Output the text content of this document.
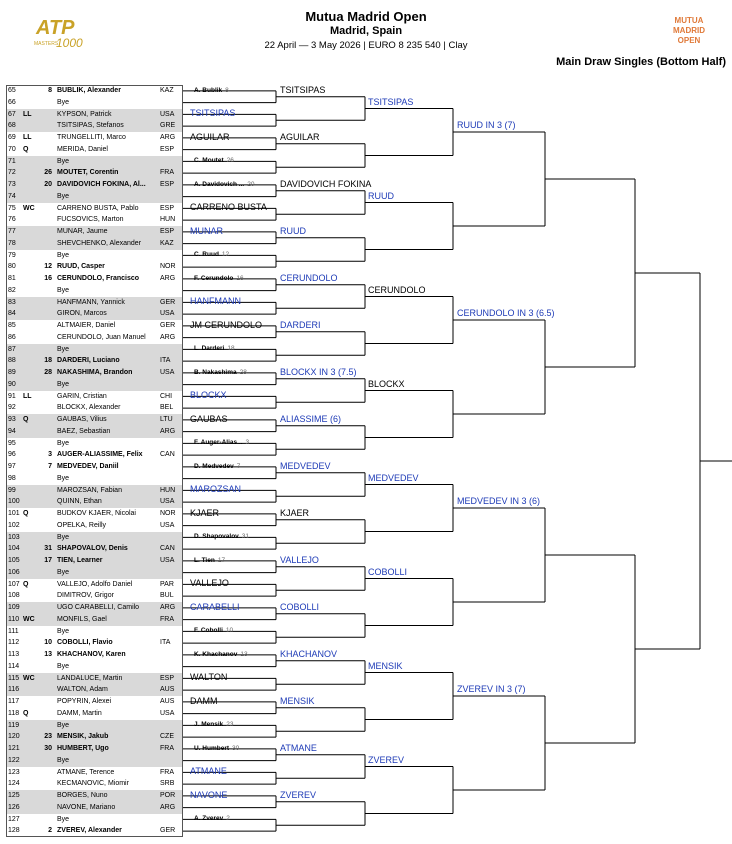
ATP
MASTERS
1000
Mutua Madrid Open
Madrid, Spain
22 April — 3 May 2026 | EURO 8 235 540 | Clay
MUTUA
MADRID
OPEN
Main Draw Singles (Bottom Half)
65	8 BUBLIK, Alexander	KAZ
66	Bye
67 LL	KYPSON, Patrick	USA
68	TSITSIPAS, Stefanos	GRE
69 LL	TRUNGELLITI, Marco	ARG
70 Q	MERIDA, Daniel	ESP
71	Bye
72	26 MOUTET, Corentin	FRA
73	20 DAVIDOVICH FOKINA, Al...	ESP
74	Bye
75 WC	CARRENO BUSTA, Pablo	ESP
76	FUCSOVICS, Marton	HUN
77	MUNAR, Jaume	ESP
78	SHEVCHENKO, Alexander	KAZ
79	Bye
80	12 RUUD, Casper	NOR
81	16 CERUNDOLO, Francisco	ARG
82	Bye
83	HANFMANN, Yannick	GER
84	GIRON, Marcos	USA
85	ALTMAIER, Daniel	GER
86	CERUNDOLO, Juan Manuel	ARG
87	Bye
88	18 DARDERI, Luciano	ITA
89	28 NAKASHIMA, Brandon	USA
90	Bye
91 LL	GARIN, Cristian	CHI
92	BLOCKX, Alexander	BEL
93 Q	GAUBAS, Vilius	LTU
94	BAEZ, Sebastian	ARG
95	Bye
96	3 AUGER-ALIASSIME, Felix	CAN
97	7 MEDVEDEV, Daniil
98	Bye
99	MAROZSAN, Fabian	HUN
100	QUINN, Ethan	USA
101 Q	BUDKOV KJAER, Nicolai	NOR
102	OPELKA, Reilly	USA
103	Bye
104	31 SHAPOVALOV, Denis	CAN
105	17 TIEN, Learner	USA
106	Bye
107 Q	VALLEJO, Adolfo Daniel	PAR
108	DIMITROV, Grigor	BUL
109	UGO CARABELLI, Camilo	ARG
110 WC	MONFILS, Gael	FRA
111	Bye
112	10 COBOLLI, Flavio	ITA
113	13 KHACHANOV, Karen
114	Bye
115 WC	LANDALUCE, Martin	ESP
116	WALTON, Adam	AUS
117	POPYRIN, Alexei	AUS
118 Q	DAMM, Martin	USA
119	Bye
120	23 MENSIK, Jakub	CZE
121	30 HUMBERT, Ugo	FRA
122	Bye
123	ATMANE, Terence	FRA
124	KECMANOVIC, Miomir	SRB
125	BORGES, Nuno	POR
126	NAVONE, Mariano	ARG
127	Bye
128	2 ZVEREV, Alexander	GER
A. Bublik 8
TSITSIPAS
AGUILAR
C. Moutet 26
A. Davidovich ... 20
CARRENO BUSTA
MUNAR
C. Ruud 12
F. Cerundolo 16
HANFMANN
JM CERUNDOLO
L. Darderi 18
B. Nakashima 28
BLOCKX
GAUBAS
F. Auger-Alias... 3
D. Medvedev 7
MAROZSAN
KJAER
D. Shapovalov 31
L. Tien 17
VALLEJO
CARABELLI
F. Cobolli 10
K. Khachanov 13
WALTON
DAMM
J. Mensik 23
U. Humbert 30
ATMANE
NAVONE
A. Zverev 2
TSITSIPAS
AGUILAR
DAVIDOVICH FOKINA
RUUD
CERUNDOLO
DARDERI
BLOCKX IN 3 (7.5)
ALIASSIME (6)
MEDVEDEV
KJAER
VALLEJO
COBOLLI
KHACHANOV
MENSIK
ATMANE
ZVEREV
TSITSIPAS
RUUD
CERUNDOLO
BLOCKX
MEDVEDEV
COBOLLI
MENSIK
ZVEREV
RUUD IN 3 (7)
CERUNDOLO IN 3 (6.5)
MEDVEDEV IN 3 (6)
ZVEREV IN 3 (7)
